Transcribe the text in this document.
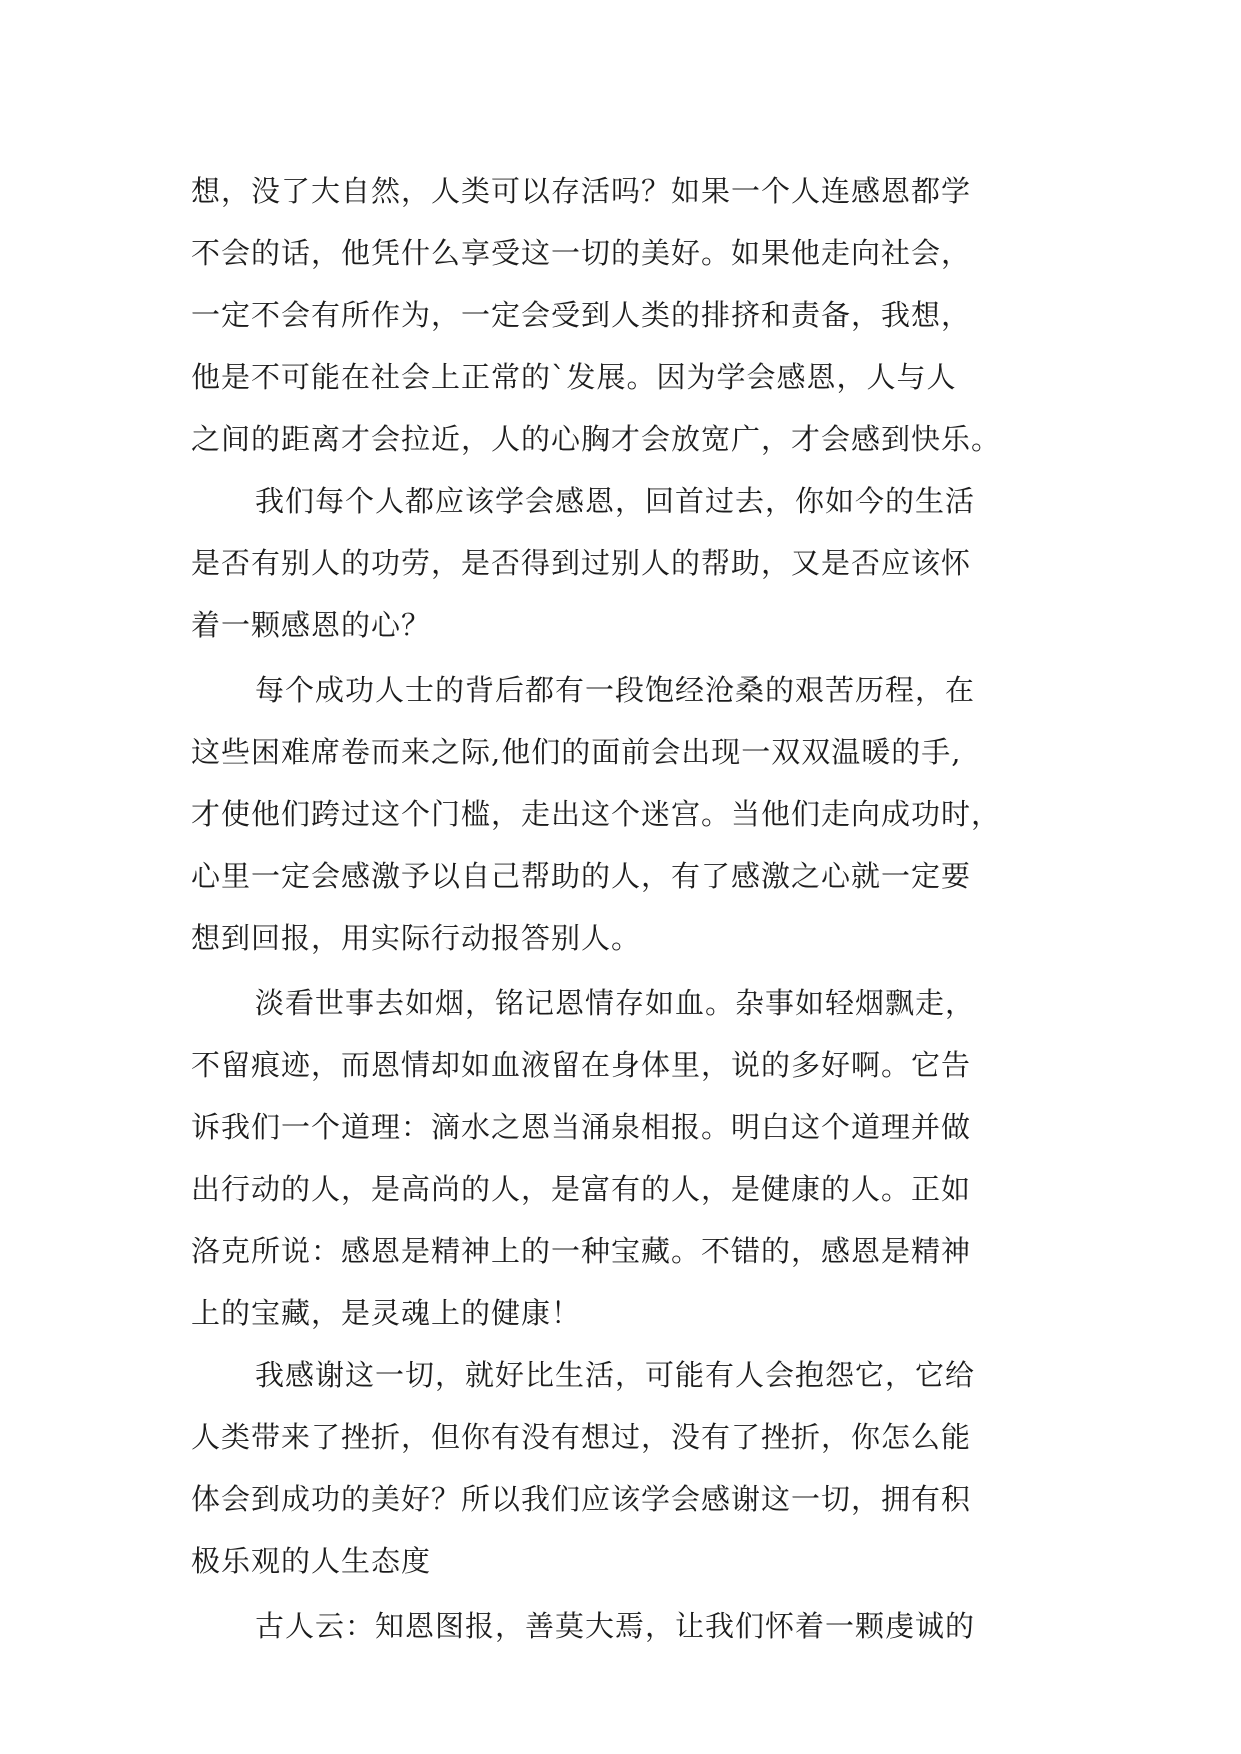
想，没了大自然，人类可以存活吗？如果一个人连感恩都学
不会的话，他凭什么享受这一切的美好。如果他走向社会，
一定不会有所作为，一定会受到人类的排挤和责备，我想，
他是不可能在社会上正常的`发展。因为学会感恩，人与人
之间的距离才会拉近，人的心胸才会放宽广，才会感到快乐。
我们每个人都应该学会感恩，回首过去，你如今的生活
是否有别人的功劳，是否得到过别人的帮助，又是否应该怀
着一颗感恩的心？
每个成功人士的背后都有一段饱经沧桑的艰苦历程，在
这些困难席卷而来之际,他们的面前会出现一双双温暖的手,
才使他们跨过这个门槛，走出这个迷宫。当他们走向成功时，
心里一定会感激予以自己帮助的人，有了感激之心就一定要
想到回报，用实际行动报答别人。
淡看世事去如烟，铭记恩情存如血。杂事如轻烟飘走，
不留痕迹，而恩情却如血液留在身体里，说的多好啊。它告
诉我们一个道理：滴水之恩当涌泉相报。明白这个道理并做
出行动的人，是高尚的人，是富有的人，是健康的人。正如
洛克所说：感恩是精神上的一种宝藏。不错的，感恩是精神
上的宝藏，是灵魂上的健康！
我感谢这一切，就好比生活，可能有人会抱怨它，它给
人类带来了挫折，但你有没有想过，没有了挫折，你怎么能
体会到成功的美好？所以我们应该学会感谢这一切，拥有积
极乐观的人生态度
古人云：知恩图报，善莫大焉，让我们怀着一颗虔诚的
